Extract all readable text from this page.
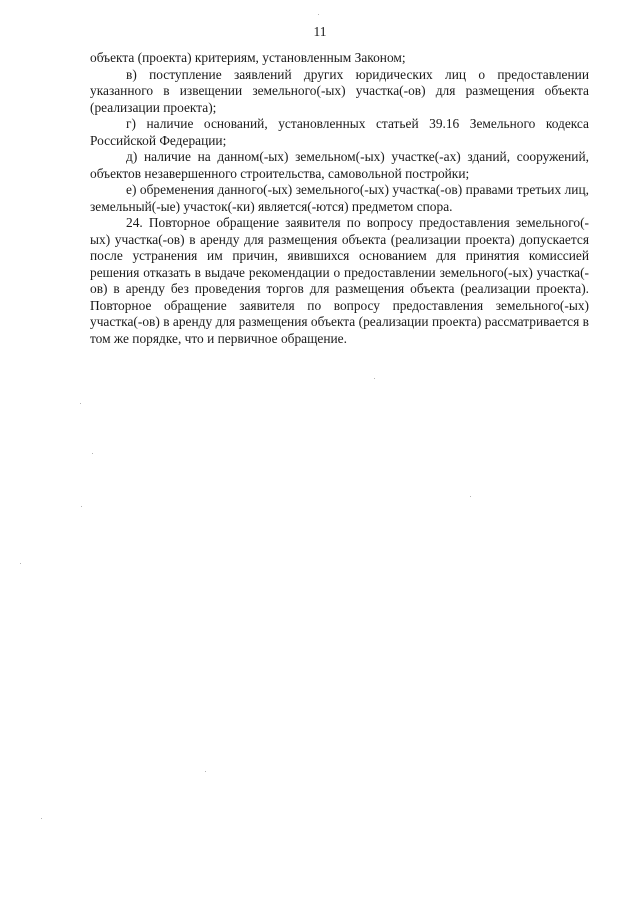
11

объекта (проекта) критериям, установленным Законом;

в) поступление заявлений других юридических лиц о предоставлении указанного в извещении земельного(-ых) участка(-ов) для размещения объекта (реализации проекта);

г) наличие оснований, установленных статьей 39.16 Земельного кодекса Российской Федерации;

д) наличие на данном(-ых) земельном(-ых) участке(-ах) зданий, сооружений, объектов незавершенного строительства, самовольной постройки;

е) обременения данного(-ых) земельного(-ых) участка(-ов) правами третьих лиц, земельный(-ые) участок(-ки) является(-ются) предметом спора.

24. Повторное обращение заявителя по вопросу предоставления земельного(-ых) участка(-ов) в аренду для размещения объекта (реализации проекта) допускается после устранения им причин, явившихся основанием для принятия комиссией решения отказать в выдаче рекомендации о предоставлении земельного(-ых) участка(-ов) в аренду без проведения торгов для размещения объекта (реализации проекта). Повторное обращение заявителя по вопросу предоставления земельного(-ых) участка(-ов) в аренду для размещения объекта (реализации проекта) рассматривается в том же порядке, что и первичное обращение.
